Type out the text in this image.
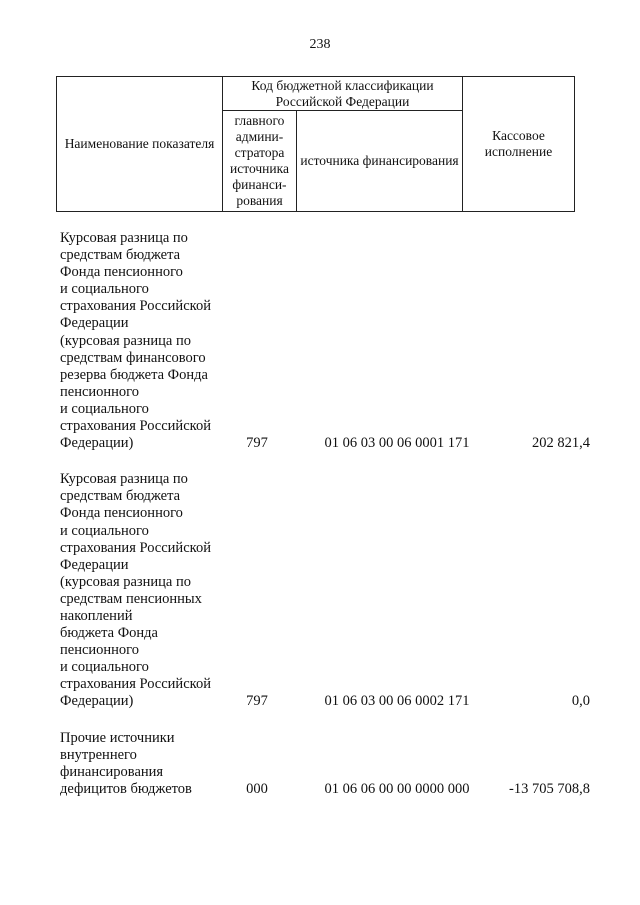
238
Наименование показателя	Код бюджетной классификации Российской Федерации		Кассовое исполнение
	главного админи-стратора источника финанси-рования	источника финансирования	
Курсовая разница по
средствам бюджета
Фонда пенсионного
и социального
страхования Российской
Федерации
(курсовая разница по
средствам финансового
резерва бюджета Фонда
пенсионного
и социального
страхования Российской
Федерации)	797	01 06 03 00 06 0001 171	202 821,4
Курсовая разница по
средствам бюджета
Фонда пенсионного
и социального
страхования Российской
Федерации
(курсовая разница по
средствам пенсионных
накоплений
бюджета Фонда
пенсионного
и социального
страхования Российской
Федерации)	797	01 06 03 00 06 0002 171	0,0
Прочие источники
внутреннего
финансирования
дефицитов бюджетов	000	01 06 06 00 00 0000 000	-13 705 708,8
